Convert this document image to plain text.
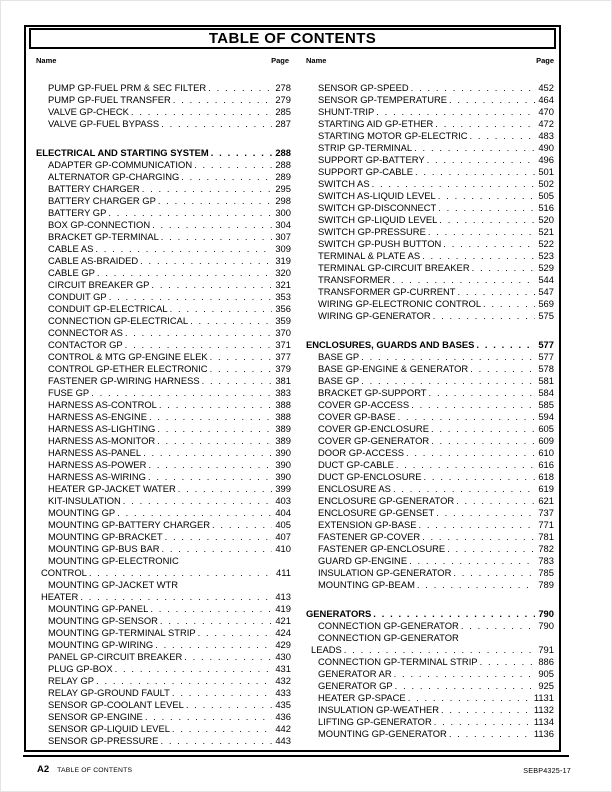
TABLE OF CONTENTS
Name	Page Name	Page
PUMP GP-FUEL PRM & SEC FILTER . . .	278
PUMP GP-FUEL TRANSFER . . .	279
VALVE GP-CHECK . . .	285
VALVE GP-FUEL BYPASS . . .	287
ELECTRICAL AND STARTING SYSTEM . . .	288
ADAPTER GP-COMMUNICATION . . .	288
ALTERNATOR GP-CHARGING . . .	289
BATTERY CHARGER . . .	295
BATTERY CHARGER GP . . .	298
BATTERY GP . . .	300
BOX GP-CONNECTION . . .	304
BRACKET GP-TERMINAL . . .	307
CABLE AS . . .	309
CABLE AS-BRAIDED . . .	319
CABLE GP . . .	320
CIRCUIT BREAKER GP . . .	321
CONDUIT GP . . .	353
CONDUIT GP-ELECTRICAL . . .	356
CONNECTION GP-ELECTRICAL . . .	359
CONNECTOR AS . . .	370
CONTACTOR GP . . .	371
CONTROL & MTG GP-ENGINE ELEK . . .	377
CONTROL GP-ETHER ELECTRONIC . . .	379
FASTENER GP-WIRING HARNESS . . .	381
FUSE GP . . .	383
HARNESS AS-CONTROL . . .	388
HARNESS AS-ENGINE . . .	388
HARNESS AS-LIGHTING . . .	389
HARNESS AS-MONITOR . . .	389
HARNESS AS-PANEL . . .	390
HARNESS AS-POWER . . .	390
HARNESS AS-WIRING . . .	390
HEATER GP-JACKET WATER . . .	399
KIT-INSULATION . . .	403
MOUNTING GP . . .	404
MOUNTING GP-BATTERY CHARGER . . .	405
MOUNTING GP-BRACKET . . .	407
MOUNTING GP-BUS BAR . . .	410
MOUNTING GP-ELECTRONIC
CONTROL . . .	411
MOUNTING GP-JACKET WTR
HEATER . . .	413
MOUNTING GP-PANEL . . .	419
MOUNTING GP-SENSOR . . .	421
MOUNTING GP-TERMINAL STRIP . . .	424
MOUNTING GP-WIRING . . .	429
PANEL GP-CIRCUIT BREAKER . . .	430
PLUG GP-BOX . . .	431
RELAY GP . . .	432
RELAY GP-GROUND FAULT . . .	433
SENSOR GP-COOLANT LEVEL . . .	435
SENSOR GP-ENGINE . . .	436
SENSOR GP-LIQUID LEVEL . . .	442
SENSOR GP-PRESSURE . . .	443
SENSOR GP-SPEED . . .	452
SENSOR GP-TEMPERATURE . . .	464
SHUNT-TRIP . . .	470
STARTING AID GP-ETHER . . .	472
STARTING MOTOR GP-ELECTRIC . . .	483
STRIP GP-TERMINAL . . .	490
SUPPORT GP-BATTERY . . .	496
SUPPORT GP-CABLE . . .	501
SWITCH AS . . .	502
SWITCH AS-LIQUID LEVEL . . .	505
SWITCH GP-DISCONNECT . . .	516
SWITCH GP-LIQUID LEVEL . . .	520
SWITCH GP-PRESSURE . . .	521
SWITCH GP-PUSH BUTTON . . .	522
TERMINAL & PLATE AS . . .	523
TERMINAL GP-CIRCUIT BREAKER . . .	529
TRANSFORMER . . .	544
TRANSFORMER GP-CURRENT . . .	547
WIRING GP-ELECTRONIC CONTROL . . .	569
WIRING GP-GENERATOR . . .	575
ENCLOSURES, GUARDS AND BASES . . .	577
BASE GP . . .	577
BASE GP-ENGINE & GENERATOR . . .	578
BASE GP . . .	581
BRACKET GP-SUPPORT . . .	584
COVER GP-ACCESS . . .	585
COVER GP-BASE . . .	594
COVER GP-ENCLOSURE . . .	605
COVER GP-GENERATOR . . .	609
DOOR GP-ACCESS . . .	610
DUCT GP-CABLE . . .	616
DUCT GP-ENCLOSURE . . .	618
ENCLOSURE AS . . .	619
ENCLOSURE GP-GENERATOR . . .	621
ENCLOSURE GP-GENSET . . .	737
EXTENSION GP-BASE . . .	771
FASTENER GP-COVER . . .	781
FASTENER GP-ENCLOSURE . . .	782
GUARD GP-ENGINE . . .	783
INSULATION GP-GENERATOR . . .	785
MOUNTING GP-BEAM . . .	789
GENERATORS . . .	790
CONNECTION GP-GENERATOR . . .	790
CONNECTION GP-GENERATOR
LEADS . . .	791
CONNECTION GP-TERMINAL STRIP . . .	886
GENERATOR AR . . .	905
GENERATOR GP . . .	925
HEATER GP-SPACE . . .	1131
INSULATION GP-WEATHER . . .	1132
LIFTING GP-GENERATOR . . .	1134
MOUNTING GP-GENERATOR . . .	1136
A2 TABLE OF CONTENTS	SEBP4325-17
